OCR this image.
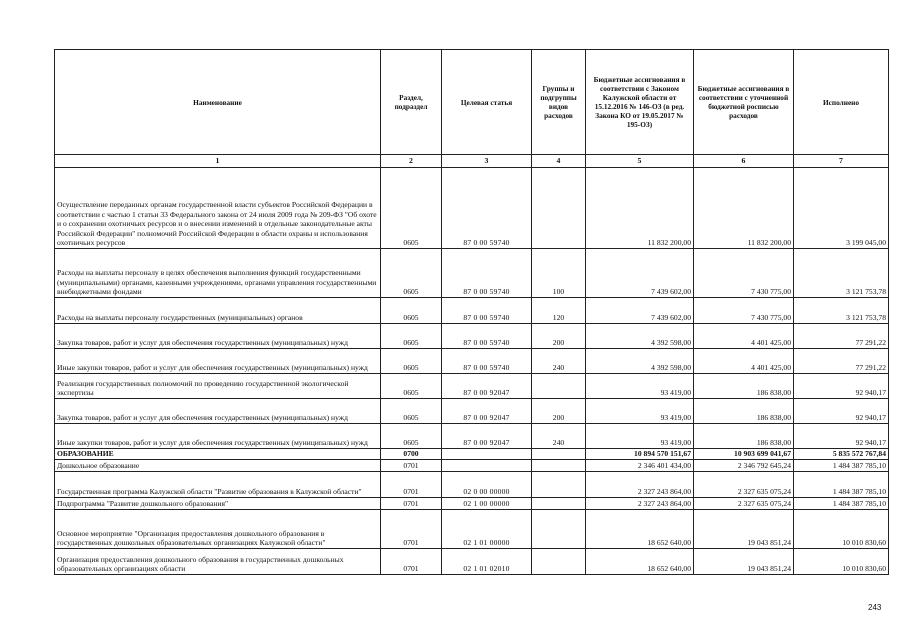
Наименование	Раздел, подраздел	Целевая статья	Группы и подгруппы видов расходов	Бюджетные ассигнования в соответствии с Законом Калужской области от 15.12.2016 № 146-ОЗ (в ред. Закона КО от 19.05.2017 № 195-ОЗ)	Бюджетные ассигнования в соответствии с уточненной бюджетной росписью расходов	Исполнено
1	2	3	4	5	6	7
Осуществление переданных органам государственной власти субъектов Российской Федерации в соответствии с частью 1 статьи 33 Федерального закона от 24 июля 2009 года № 209-ФЗ "Об охоте и о сохранении охотничьих ресурсов и о внесении изменений в отдельные законодательные акты Российской Федерации" полномочий Российской Федерации в области охраны и использования охотничьих ресурсов	0605	87 0 00 59740		11 832 200,00	11 832 200,00	3 199 045,00
Расходы на выплаты персоналу в целях обеспечения выполнения функций государственными (муниципальными) органами, казенными учреждениями, органами управления государственными внебюджетными фондами	0605	87 0 00 59740	100	7 439 602,00	7 430 775,00	3 121 753,78
Расходы на выплаты персоналу государственных (муниципальных) органов	0605	87 0 00 59740	120	7 439 602,00	7 430 775,00	3 121 753,78
Закупка товаров, работ и услуг для обеспечения государственных (муниципальных) нужд	0605	87 0 00 59740	200	4 392 598,00	4 401 425,00	77 291,22
Иные закупки товаров, работ и услуг для обеспечения государственных (муниципальных) нужд	0605	87 0 00 59740	240	4 392 598,00	4 401 425,00	77 291,22
Реализация государственных полномочий по проведению государственной экологической экспертизы	0605	87 0 00 92047		93 419,00	186 838,00	92 940,17
Закупка товаров, работ и услуг для обеспечения государственных (муниципальных) нужд	0605	87 0 00 92047	200	93 419,00	186 838,00	92 940,17
Иные закупки товаров, работ и услуг для обеспечения государственных (муниципальных) нужд	0605	87 0 00 92047	240	93 419,00	186 838,00	92 940,17
ОБРАЗОВАНИЕ	0700			10 894 570 151,67	10 903 699 041,67	5 835 572 767,84
Дошкольное образование	0701			2 346 401 434,00	2 346 792 645,24	1 484 387 785,10
Государственная программа Калужской области "Развитие образования в Калужской области"	0701	02 0 00 00000		2 327 243 864,00	2 327 635 075,24	1 484 387 785,10
Подпрограмма "Развитие дошкольного образования"	0701	02 1 00 00000		2 327 243 864,00	2 327 635 075,24	1 484 387 785,10
Основное мероприятие "Организация предоставления дошкольного образования в государственных дошкольных образовательных организациях Калужской области"	0701	02 1 01 00000		18 652 640,00	19 043 851,24	10 010 830,60
Организация предоставления дошкольного образования в государственных дошкольных образовательных организациях области	0701	02 1 01 02010		18 652 640,00	19 043 851,24	10 010 830,60
243
